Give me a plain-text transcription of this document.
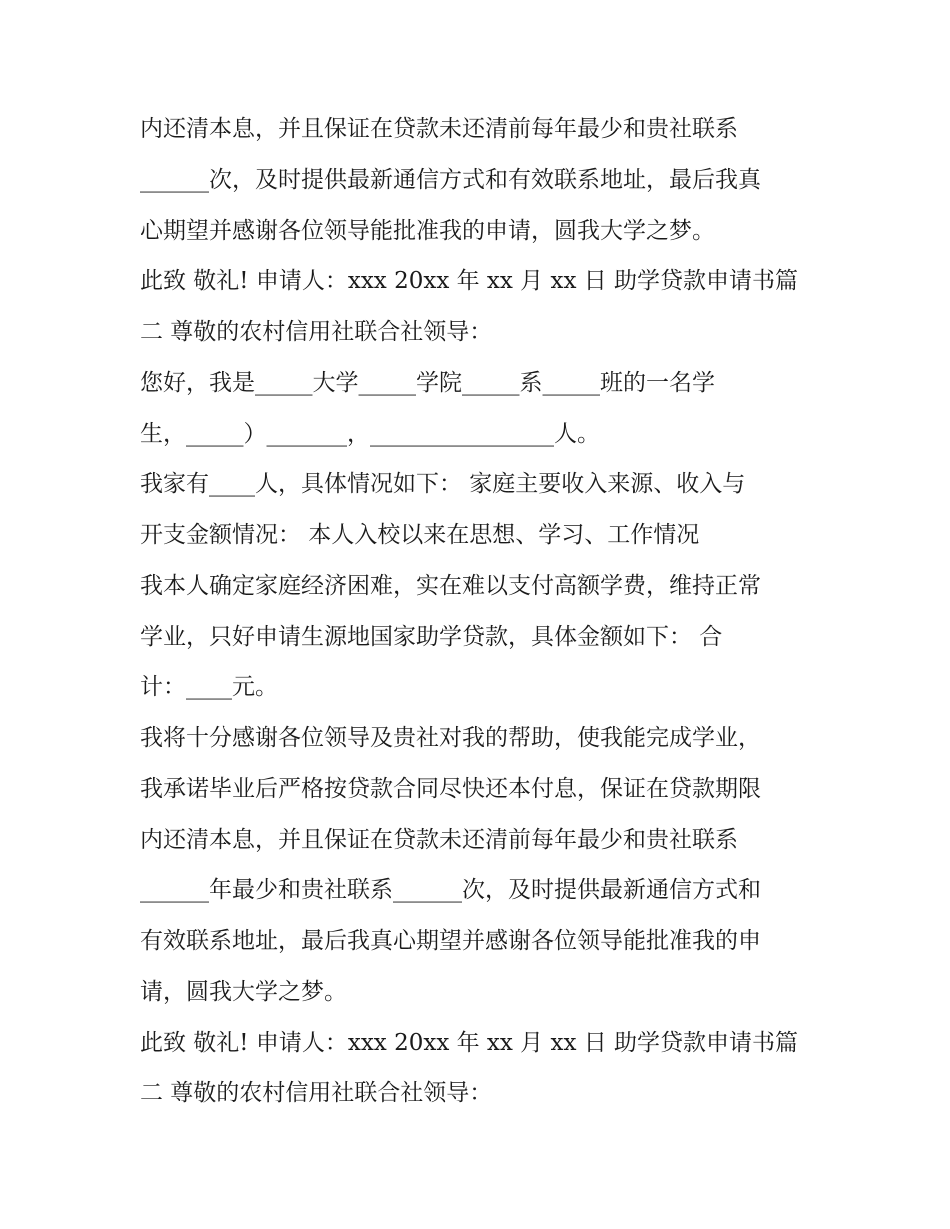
内还清本息，并且保证在贷款未还清前每年最少和贵社联系
______次，及时提供最新通信方式和有效联系地址，最后我真
心期望并感谢各位领导能批准我的申请，圆我大学之梦。
此致 敬礼! 申请人：xxx 20xx 年 xx 月 xx 日 助学贷款申请书篇
二 尊敬的农村信用社联合社领导：
您好，我是_____大学_____学院_____系_____班的一名学
生，_____）_______，________________人。
我家有____人，具体情况如下： 家庭主要收入来源、收入与
开支金额情况： 本人入校以来在思想、学习、工作情况
我本人确定家庭经济困难，实在难以支付高额学费，维持正常
学业，只好申请生源地国家助学贷款，具体金额如下： 合
计：____元。
我将十分感谢各位领导及贵社对我的帮助，使我能完成学业，
我承诺毕业后严格按贷款合同尽快还本付息，保证在贷款期限
内还清本息，并且保证在贷款未还清前每年最少和贵社联系
______年最少和贵社联系______次，及时提供最新通信方式和
有效联系地址，最后我真心期望并感谢各位领导能批准我的申
请，圆我大学之梦。
此致 敬礼! 申请人：xxx 20xx 年 xx 月 xx 日 助学贷款申请书篇
二 尊敬的农村信用社联合社领导：
